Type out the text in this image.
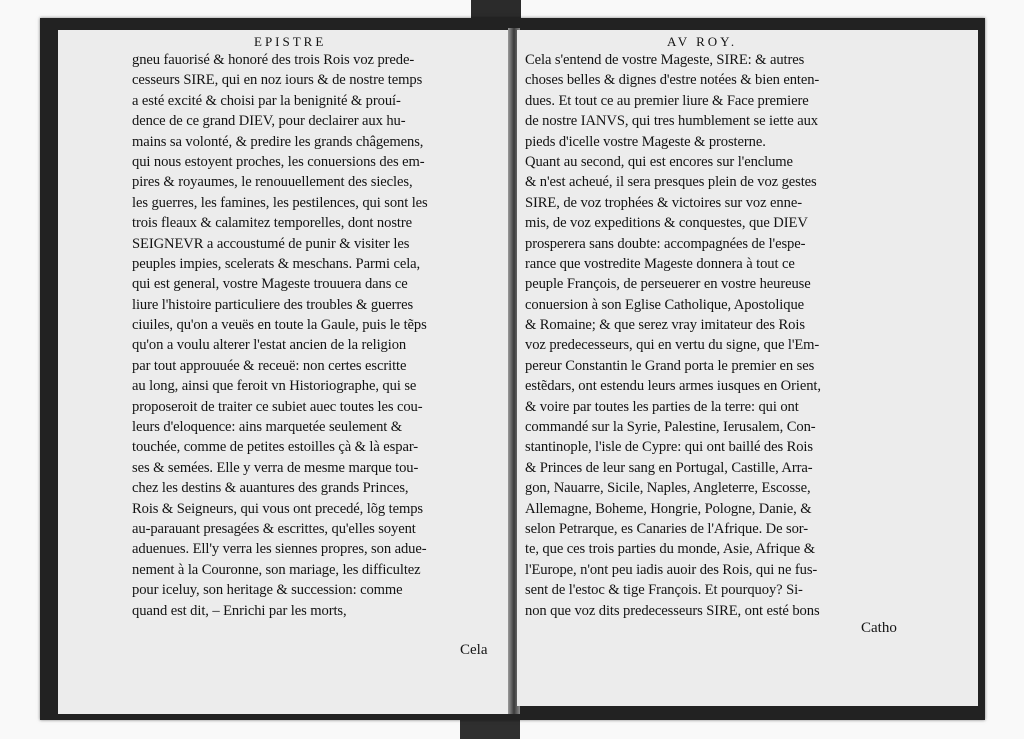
EPISTRE
gneu fauorisé & honoré des trois Rois voz prede-
cesseurs SIRE, qui en noz iours & de nostre temps
a esté excité & choisi par la benignité & prouí-
dence de ce grand DIEV, pour declairer aux hu-
mains sa volonté, & predire les grands châgemens,
qui nous estoyent proches, les conuersions des em-
pires & royaumes, le renouuellement des siecles,
les guerres, les famines, les pestilences, qui sont les
trois fleaux & calamitez temporelles, dont nostre
SEIGNEVR a accoustumé de punir & visiter les
peuples impies, scelerats & meschans. Parmi cela,
qui est general, vostre Mageste trouuera dans ce
liure l'histoire particuliere des troubles & guerres
ciuiles, qu'on a veuës en toute la Gaule, puis le tẽps
qu'on a voulu alterer l'estat ancien de la religion
par tout approuuée & receuë: non certes escritte
au long, ainsi que feroit vn Historiographe, qui se
proposeroit de traiter ce subiet auec toutes les cou-
leurs d'eloquence: ains marquetée seulement &
touchée, comme de petites estoilles çà & là espar-
ses & semées. Elle y verra de mesme marque tou-
chez les destins & auantures des grands Princes,
Rois & Seigneurs, qui vous ont precedé, lõg temps
au-parauant presagées & escrittes, qu'elles soyent
aduenues. Ell'y verra les siennes propres, son adue-
nement à la Couronne, son mariage, les difficultez
pour iceluy, son heritage & succession: comme
quand est dit, – Enrichi par les morts,
Cela
AV ROY.
Cela s'entend de vostre Mageste, SIRE: & autres
choses belles & dignes d'estre notées & bien enten-
dues. Et tout ce au premier liure & Face premiere
de nostre IANVS, qui tres humblement se iette aux
pieds d'icelle vostre Mageste & prosterne.
Quant au second, qui est encores sur l'enclume
& n'est acheué, il sera presques plein de voz gestes
SIRE, de voz trophées & victoires sur voz enne-
mis, de voz expeditions & conquestes, que DIEV
prosperera sans doubte: accompagnées de l'espe-
rance que vostredite Mageste donnera à tout ce
peuple François, de perseuerer en vostre heureuse
conuersion à son Eglise Catholique, Apostolique
& Romaine; & que serez vray imitateur des Rois
voz predecesseurs, qui en vertu du signe, que l'Em-
pereur Constantin le Grand porta le premier en ses
estẽdars, ont estendu leurs armes iusques en Orient,
& voire par toutes les parties de la terre: qui ont
commandé sur la Syrie, Palestine, Ierusalem, Con-
stantinople, l'isle de Cypre: qui ont baillé des Rois
& Princes de leur sang en Portugal, Castille, Arra-
gon, Nauarre, Sicile, Naples, Angleterre, Escosse,
Allemagne, Boheme, Hongrie, Pologne, Danie, &
selon Petrarque, es Canaries de l'Afrique. De sor-
te, que ces trois parties du monde, Asie, Afrique &
l'Europe, n'ont peu iadis auoir des Rois, qui ne fus-
sent de l'estoc & tige François. Et pourquoy? Si-
non que voz dits predecesseurs SIRE, ont esté bons
Catho
